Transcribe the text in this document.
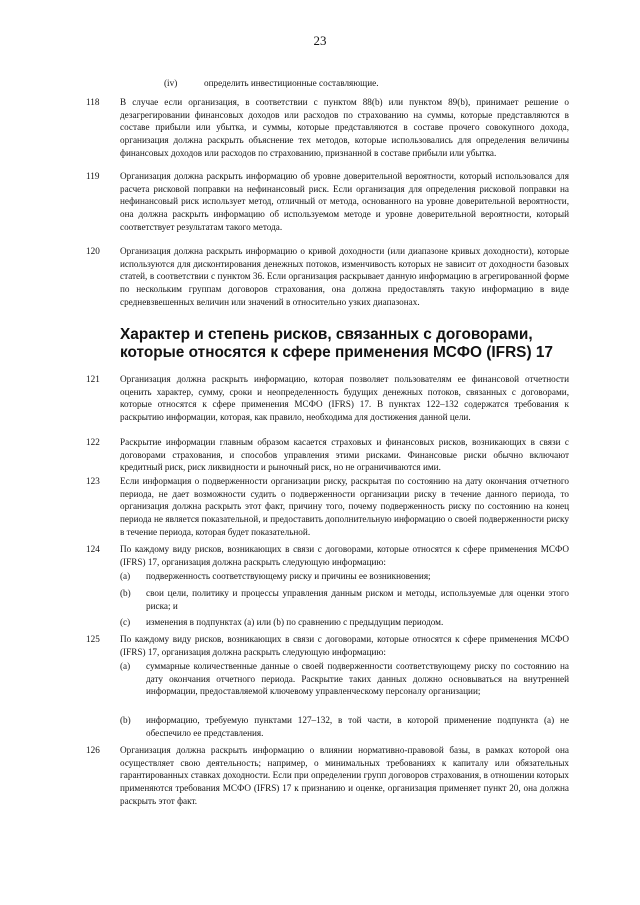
23
(iv)	определить инвестиционные составляющие.
118 В случае если организация, в соответствии с пунктом 88(b) или пунктом 89(b), принимает решение о дезагрегировании финансовых доходов или расходов по страхованию на суммы, которые представляются в составе прибыли или убытка, и суммы, которые представляются в составе прочего совокупного дохода, организация должна раскрыть объяснение тех методов, которые использовались для определения величины финансовых доходов или расходов по страхованию, признанной в составе прибыли или убытка.
119 Организация должна раскрыть информацию об уровне доверительной вероятности, который использовался для расчета рисковой поправки на нефинансовый риск. Если организация для определения рисковой поправки на нефинансовый риск использует метод, отличный от метода, основанного на уровне доверительной вероятности, она должна раскрыть информацию об используемом методе и уровне доверительной вероятности, который соответствует результатам такого метода.
120 Организация должна раскрыть информацию о кривой доходности (или диапазоне кривых доходности), которые используются для дисконтирования денежных потоков, изменчивость которых не зависит от доходности базовых статей, в соответствии с пунктом 36. Если организация раскрывает данную информацию в агрегированной форме по нескольким группам договоров страхования, она должна предоставлять такую информацию в виде средневзвешенных величин или значений в относительно узких диапазонах.
Характер и степень рисков, связанных с договорами, которые относятся к сфере применения МСФО (IFRS) 17
121 Организация должна раскрыть информацию, которая позволяет пользователям ее финансовой отчетности оценить характер, сумму, сроки и неопределенность будущих денежных потоков, связанных с договорами, которые относятся к сфере применения МСФО (IFRS) 17. В пунктах 122–132 содержатся требования к раскрытию информации, которая, как правило, необходима для достижения данной цели.
122 Раскрытие информации главным образом касается страховых и финансовых рисков, возникающих в связи с договорами страхования, и способов управления этими рисками. Финансовые риски обычно включают кредитный риск, риск ликвидности и рыночный риск, но не ограничиваются ими.
123 Если информация о подверженности организации риску, раскрытая по состоянию на дату окончания отчетного периода, не дает возможности судить о подверженности организации риску в течение данного периода, то организация должна раскрыть этот факт, причину того, почему подверженность риску по состоянию на конец периода не является показательной, и предоставить дополнительную информацию о своей подверженности риску в течение периода, которая будет показательной.
124 По каждому виду рисков, возникающих в связи с договорами, которые относятся к сфере применения МСФО (IFRS) 17, организация должна раскрыть следующую информацию:
(a) подверженность соответствующему риску и причины ее возникновения;
(b) свои цели, политику и процессы управления данным риском и методы, используемые для оценки этого риска; и
(c) изменения в подпунктах (a) или (b) по сравнению с предыдущим периодом.
125 По каждому виду рисков, возникающих в связи с договорами, которые относятся к сфере применения МСФО (IFRS) 17, организация должна раскрыть следующую информацию:
(a) суммарные количественные данные о своей подверженности соответствующему риску по состоянию на дату окончания отчетного периода. Раскрытие таких данных должно основываться на внутренней информации, предоставляемой ключевому управленческому персоналу организации;
(b) информацию, требуемую пунктами 127–132, в той части, в которой применение подпункта (a) не обеспечило ее представления.
126 Организация должна раскрыть информацию о влиянии нормативно-правовой базы, в рамках которой она осуществляет свою деятельность; например, о минимальных требованиях к капиталу или обязательных гарантированных ставках доходности. Если при определении групп договоров страхования, в отношении которых применяются требования МСФО (IFRS) 17 к признанию и оценке, организация применяет пункт 20, она должна раскрыть этот факт.
